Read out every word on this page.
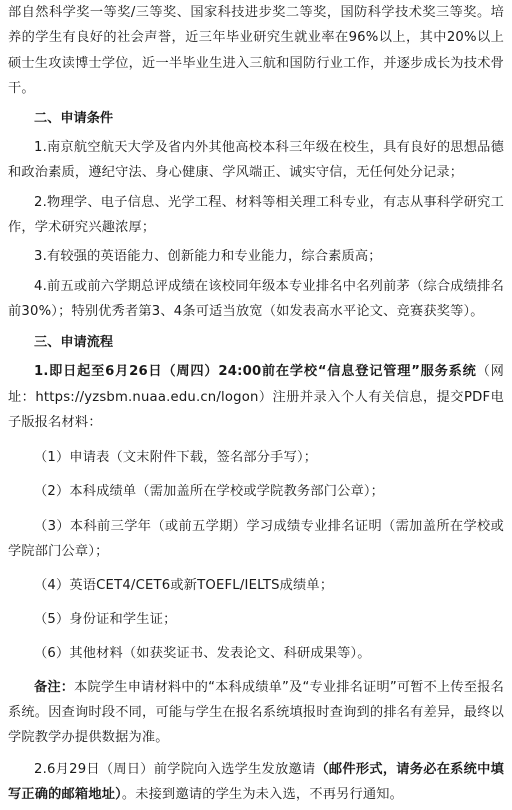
部自然科学奖一等奖/三等奖、国家科技进步奖二等奖，国防科学技术奖三等奖。培养的学生有良好的社会声誉，近三年毕业研究生就业率在96%以上，其中20%以上硕士生攻读博士学位，近一半毕业生进入三航和国防行业工作，并逐步成长为技术骨干。

二、申请条件

1.南京航空航天大学及省内外其他高校本科三年级在校生，具有良好的思想品德和政治素质，遵纪守法、身心健康、学风端正、诚实守信，无任何处分记录；

2.物理学、电子信息、光学工程、材料等相关理工科专业，有志从事科学研究工作，学术研究兴趣浓厚；

3.有较强的英语能力、创新能力和专业能力，综合素质高；

4.前五或前六学期总评成绩在该校同年级本专业排名中名列前茅（综合成绩排名前30%）；特别优秀者第3、4条可适当放宽（如发表高水平论文、竞赛获奖等）。

三、申请流程

1.即日起至6月26日（周四）24:00前在学校“信息登记管理”服务系统（网址：https://yzsbm.nuaa.edu.cn/logon）注册并录入个人有关信息，提交PDF电子版报名材料：

（1）申请表（文末附件下载，签名部分手写）；

（2）本科成绩单（需加盖所在学校或学院教务部门公章）；

（3）本科前三学年（或前五学期）学习成绩专业排名证明（需加盖所在学校或学院部门公章）；

（4）英语CET4/CET6或新TOEFL/IELTS成绩单；

（5）身份证和学生证；

（6）其他材料（如获奖证书、发表论文、科研成果等）。

备注：本院学生申请材料中的“本科成绩单”及“专业排名证明”可暂不上传至报名系统。因查询时段不同，可能与学生在报名系统填报时查询到的排名有差异，最终以学院教学办提供数据为准。

2.6月29日（周日）前学院向入选学生发放邀请（邮件形式，请务必在系统中填写正确的邮箱地址）。未接到邀请的学生为未入选，不再另行通知。
